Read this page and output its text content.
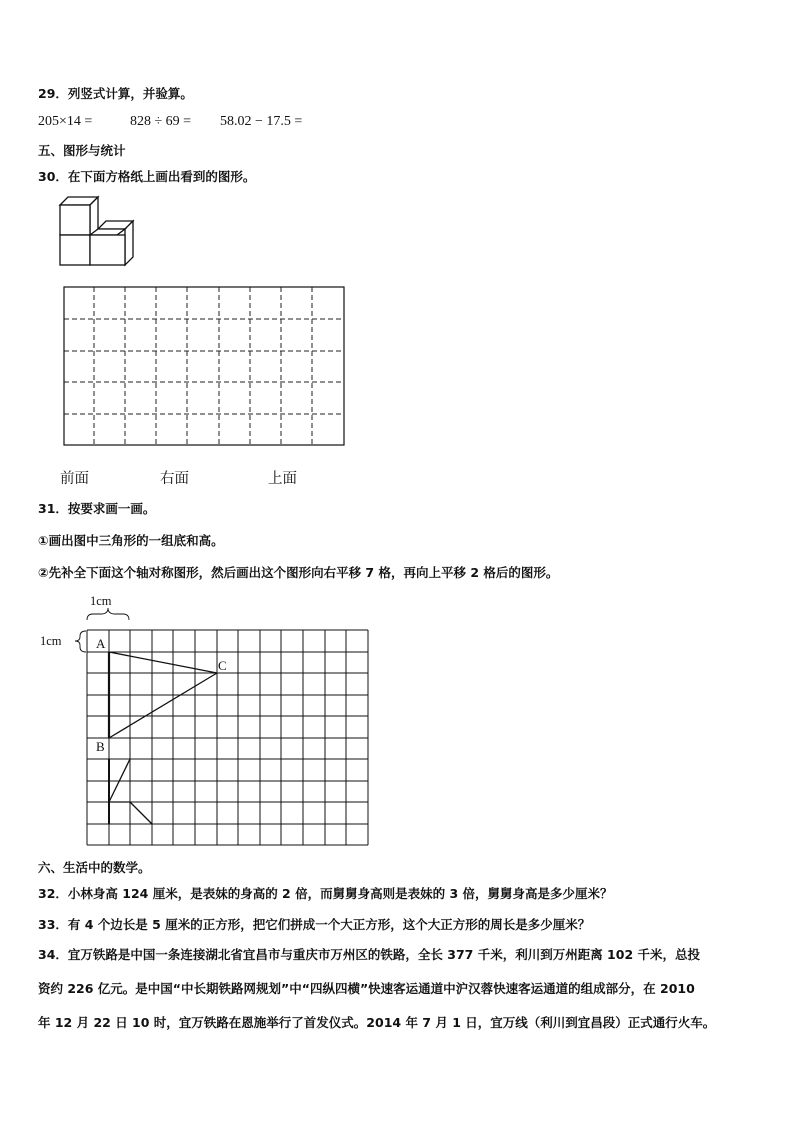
29．列竖式计算，并验算。
205×14 =	828 ÷ 69 = 58.02 − 17.5 =
五、图形与统计
30．在下面方格纸上画出看到的图形。
前面	右面	上面
31．按要求画一画。
①画出图中三角形的一组底和高。
②先补全下面这个轴对称图形，然后画出这个图形向右平移 7 格，再向上平移 2 格后的图形。
1cm
1cm	A
C
B
六、生活中的数学。
32．小林身高 124 厘米，是表妹的身高的 2 倍，而舅舅身高则是表妹的 3 倍，舅舅身高是多少厘米？
33．有 4 个边长是 5 厘米的正方形，把它们拼成一个大正方形，这个大正方形的周长是多少厘米？
34．宜万铁路是中国一条连接湖北省宜昌市与重庆市万州区的铁路，全长 377 千米，利川到万州距离 102 千米，总投
资约 226 亿元。是中国“中长期铁路网规划”中“四纵四横”快速客运通道中沪汉蓉快速客运通道的组成部分，在 2010
年 12 月 22 日 10 时，宜万铁路在恩施举行了首发仪式。2014 年 7 月 1 日，宜万线（利川到宜昌段）正式通行火车。
